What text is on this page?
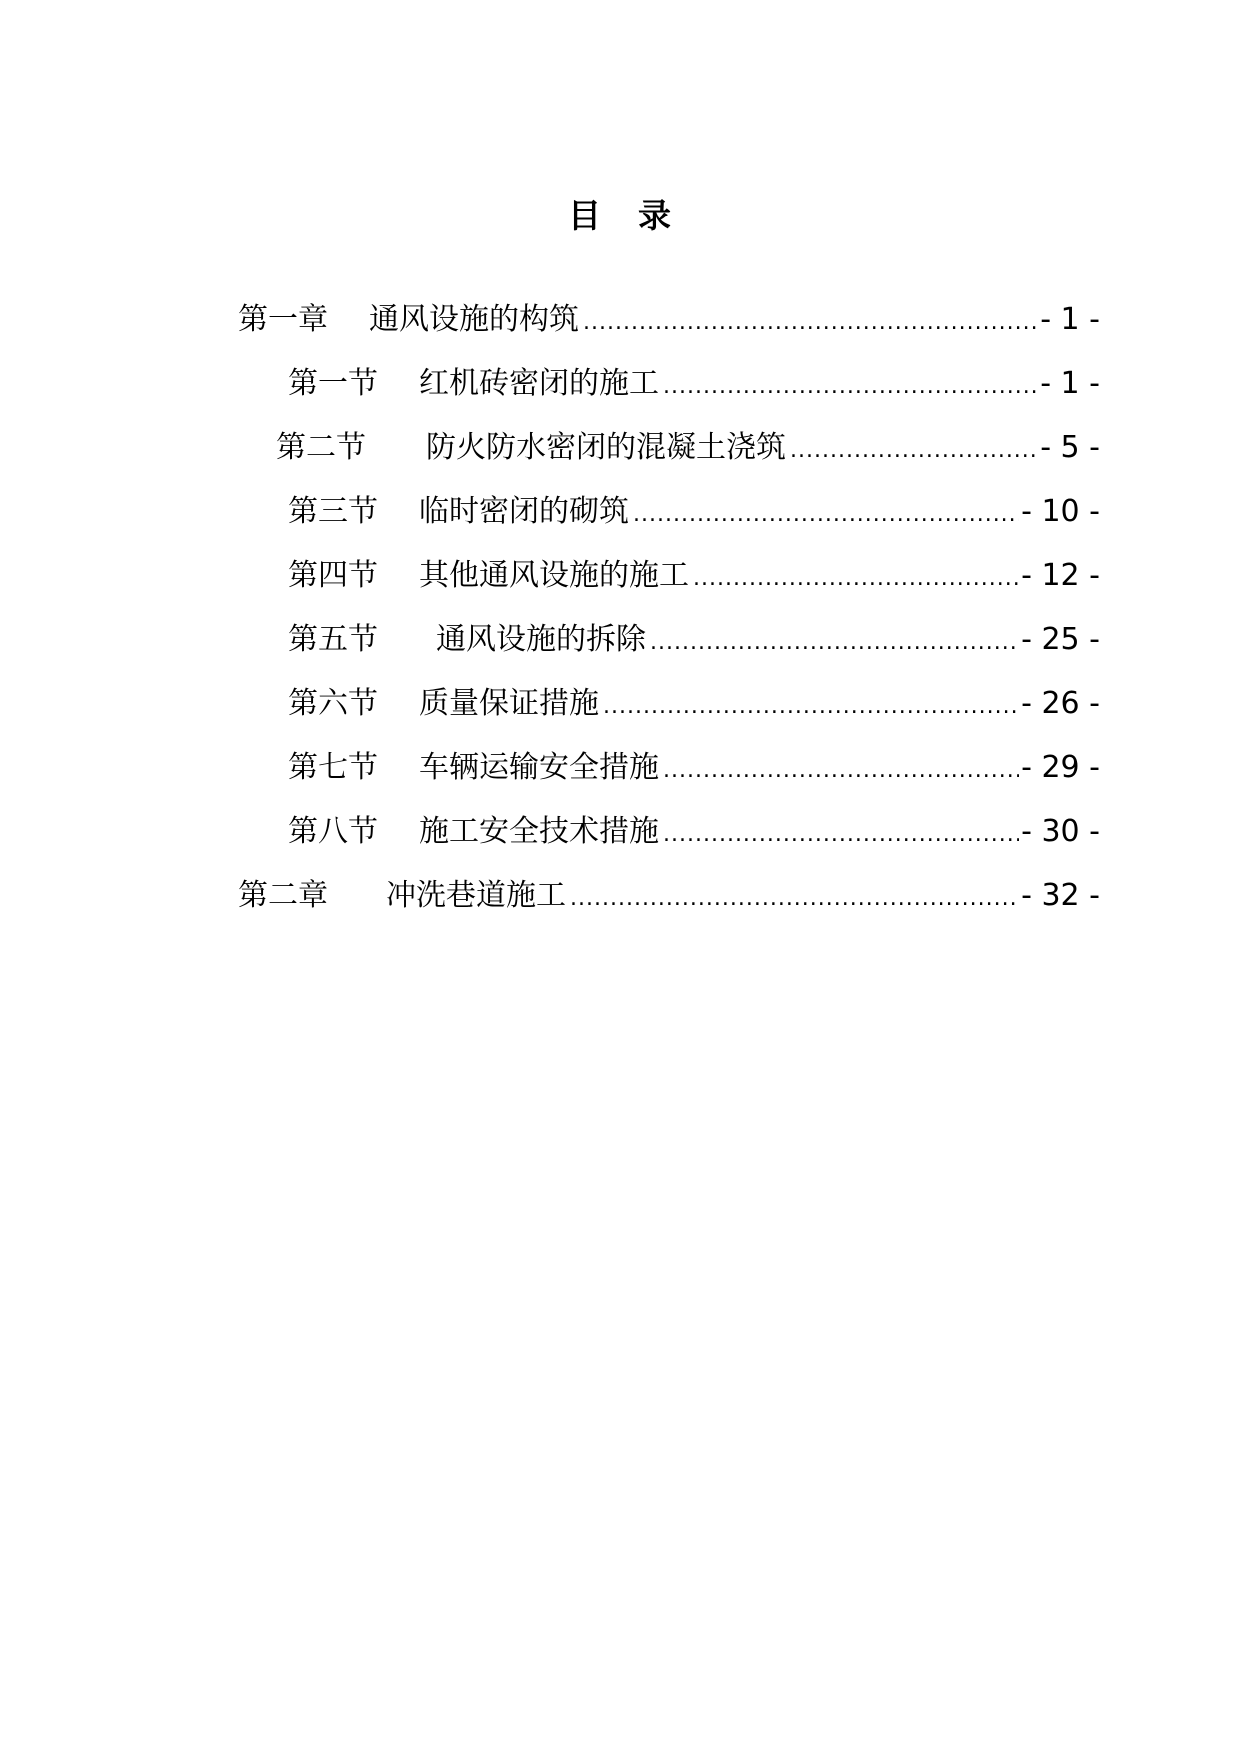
目　录
第一章	通风设施的构筑 .....	- 1 -
第一节	红机砖密闭的施工 .....	- 1 -
第二节	防火防水密闭的混凝土浇筑 .....	- 5 -
第三节	临时密闭的砌筑 .....	- 10 -
第四节	其他通风设施的施工 .....	- 12 -
第五节	通风设施的拆除 .....	- 25 -
第六节	质量保证措施 .....	- 26 -
第七节	车辆运输安全措施 .....	- 29 -
第八节	施工安全技术措施 .....	- 30 -
第二章	冲洗巷道施工 .....	- 32 -
